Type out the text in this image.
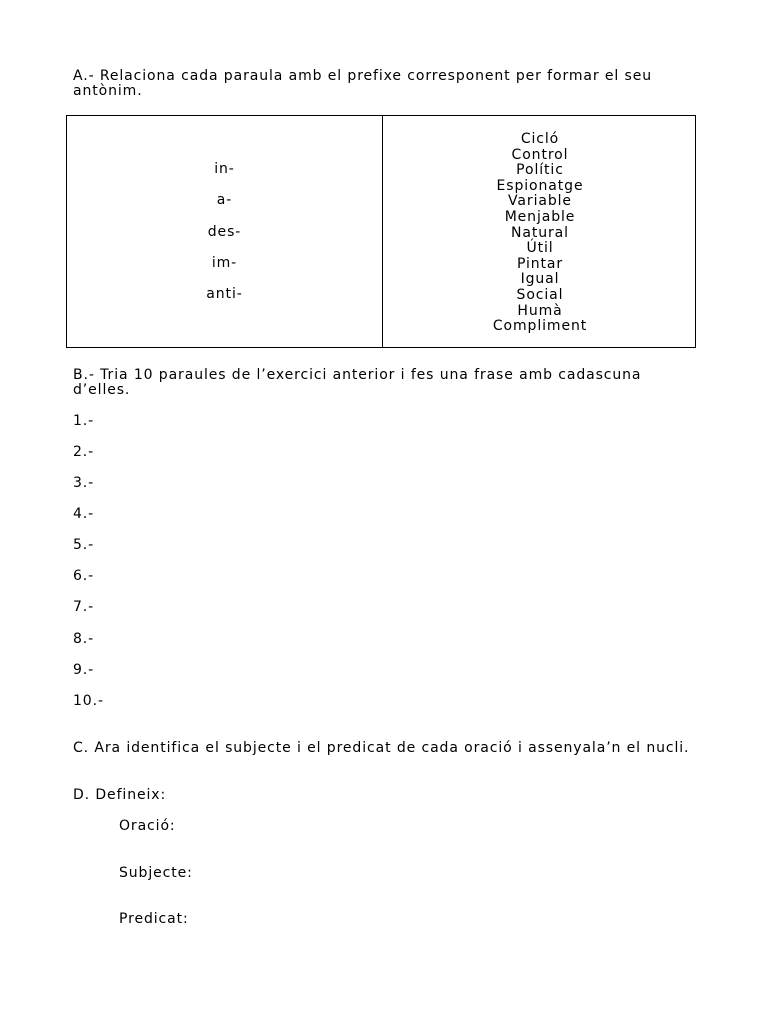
A.- Relaciona cada paraula amb el prefixe corresponent per formar el seu antònim.

in-
a-
des-
im-
anti-
Cicló
Control
Polític
Espionatge
Variable
Menjable
Natural
Útil
Pintar
Igual
Social
Humà
Compliment

B.- Tria 10 paraules de l’exercici anterior i fes una frase amb cadascuna d’elles.

1.-
2.-
3.-
4.-
5.-
6.-
7.-
8.-
9.-
10.-

C. Ara identifica el subjecte i el predicat de cada oració i assenyala’n el nucli.

D. Defineix:
Oració:
Subjecte:
Predicat:
